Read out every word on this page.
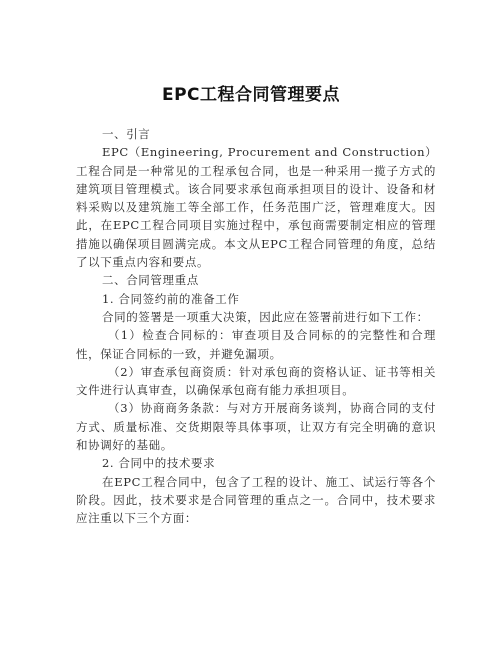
EPC工程合同管理要点

一、引言

EPC（Engineering, Procurement and Construction）

工程合同是一种常见的工程承包合同，也是一种采用一揽子方式的建筑项目管理模式。该合同要求承包商承担项目的设计、设备和材料采购以及建筑施工等全部工作，任务范围广泛，管理难度大。因此，在EPC工程合同项目实施过程中，承包商需要制定相应的管理措施以确保项目圆满完成。本文从EPC工程合同管理的角度，总结了以下重点内容和要点。

二、合同管理重点

1. 合同签约前的准备工作

合同的签署是一项重大决策，因此应在签署前进行如下工作：

（1）检查合同标的：审查项目及合同标的的完整性和合理性，保证合同标的一致，并避免漏项。

（2）审查承包商资质：针对承包商的资格认证、证书等相关文件进行认真审查，以确保承包商有能力承担项目。

（3）协商商务条款：与对方开展商务谈判，协商合同的支付方式、质量标准、交货期限等具体事项，让双方有完全明确的意识和协调好的基础。

2. 合同中的技术要求

在EPC工程合同中，包含了工程的设计、施工、试运行等各个阶段。因此，技术要求是合同管理的重点之一。合同中，技术要求应注重以下三个方面：
